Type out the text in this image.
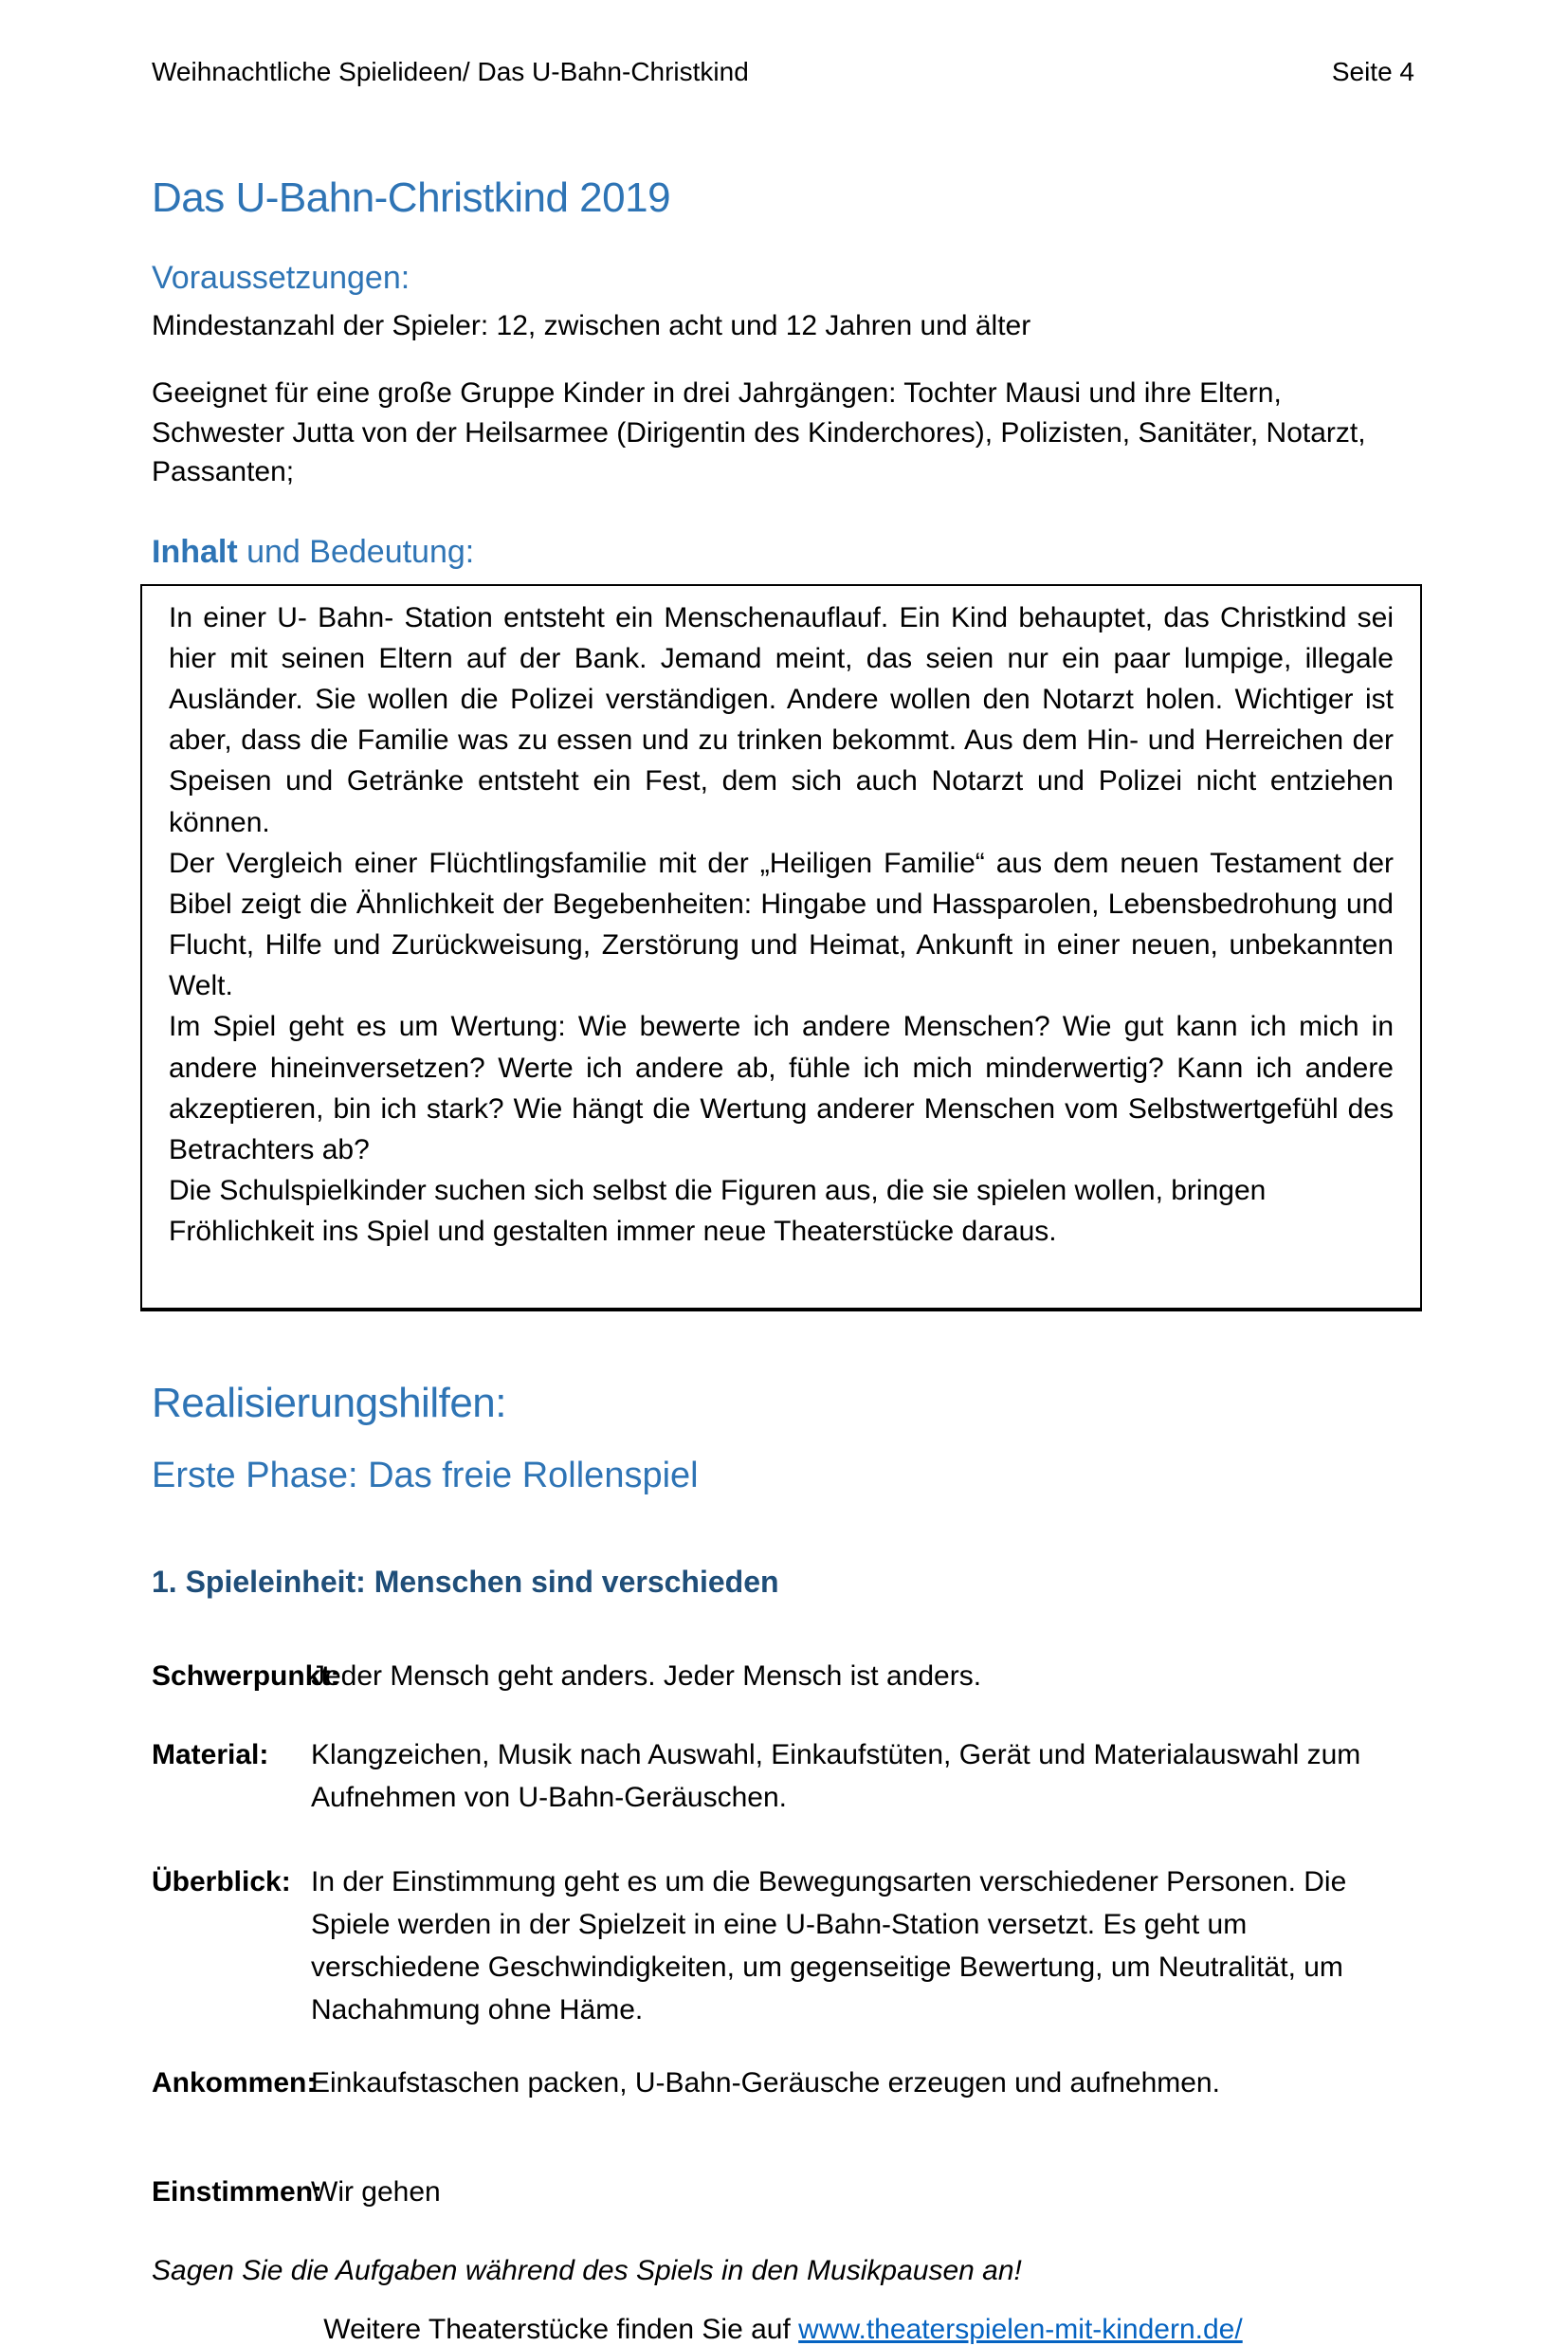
Weihnachtliche Spielideen/ Das U-Bahn-Christkind	Seite 4
Das U-Bahn-Christkind 2019
Voraussetzungen:

Mindestanzahl der Spieler: 12, zwischen acht und 12 Jahren und älter

Geeignet für eine große Gruppe Kinder in drei Jahrgängen: Tochter Mausi und ihre Eltern, Schwester Jutta von der Heilsarmee (Dirigentin des Kinderchores), Polizisten, Sanitäter, Notarzt, Passanten;

Inhalt und Bedeutung:

In einer U- Bahn- Station entsteht ein Menschenauflauf. Ein Kind behauptet, das Christkind sei hier mit seinen Eltern auf der Bank. Jemand meint, das seien nur ein paar lumpige, illegale Ausländer. Sie wollen die Polizei verständigen. Andere wollen den Notarzt holen. Wichtiger ist aber, dass die Familie was zu essen und zu trinken bekommt. Aus dem Hin- und Herreichen der Speisen und Getränke entsteht ein Fest, dem sich auch Notarzt und Polizei nicht entziehen können.

Der Vergleich einer Flüchtlingsfamilie mit der „Heiligen Familie“ aus dem neuen Testament der Bibel zeigt die Ähnlichkeit der Begebenheiten: Hingabe und Hassparolen, Lebensbedrohung und Flucht, Hilfe und Zurückweisung, Zerstörung und Heimat, Ankunft in einer neuen, unbekannten Welt.

Im Spiel geht es um Wertung: Wie bewerte ich andere Menschen? Wie gut kann ich mich in andere hineinversetzen? Werte ich andere ab, fühle ich mich minderwertig? Kann ich andere akzeptieren, bin ich stark? Wie hängt die Wertung anderer Menschen vom Selbstwertgefühl des Betrachters ab?

Die Schulspielkinder suchen sich selbst die Figuren aus, die sie spielen wollen, bringen Fröhlichkeit ins Spiel und gestalten immer neue Theaterstücke daraus.

Realisierungshilfen:
Erste Phase: Das freie Rollenspiel
1. Spieleinheit: Menschen sind verschieden
Schwerpunkt:
Jeder Mensch geht anders. Jeder Mensch ist anders.
Material:	Klangzeichen, Musik nach Auswahl, Einkaufstüten, Gerät und Materialauswahl zum Aufnehmen von U-Bahn-Geräuschen.
Überblick: In der Einstimmung geht es um die Bewegungsarten verschiedener Personen. Die Spiele werden in der Spielzeit in eine U-Bahn-Station versetzt. Es geht um verschiedene Geschwindigkeiten, um gegenseitige Bewertung, um Neutralität, um Nachahmung ohne Häme.
Ankommen:
Einkaufstaschen packen, U-Bahn-Geräusche erzeugen und aufnehmen.
Einstimmen:
Wir gehen

Sagen Sie die Aufgaben während des Spiels in den Musikpausen an!

Weitere Theaterstücke finden Sie auf www.theaterspielen-mit-kindern.de/
